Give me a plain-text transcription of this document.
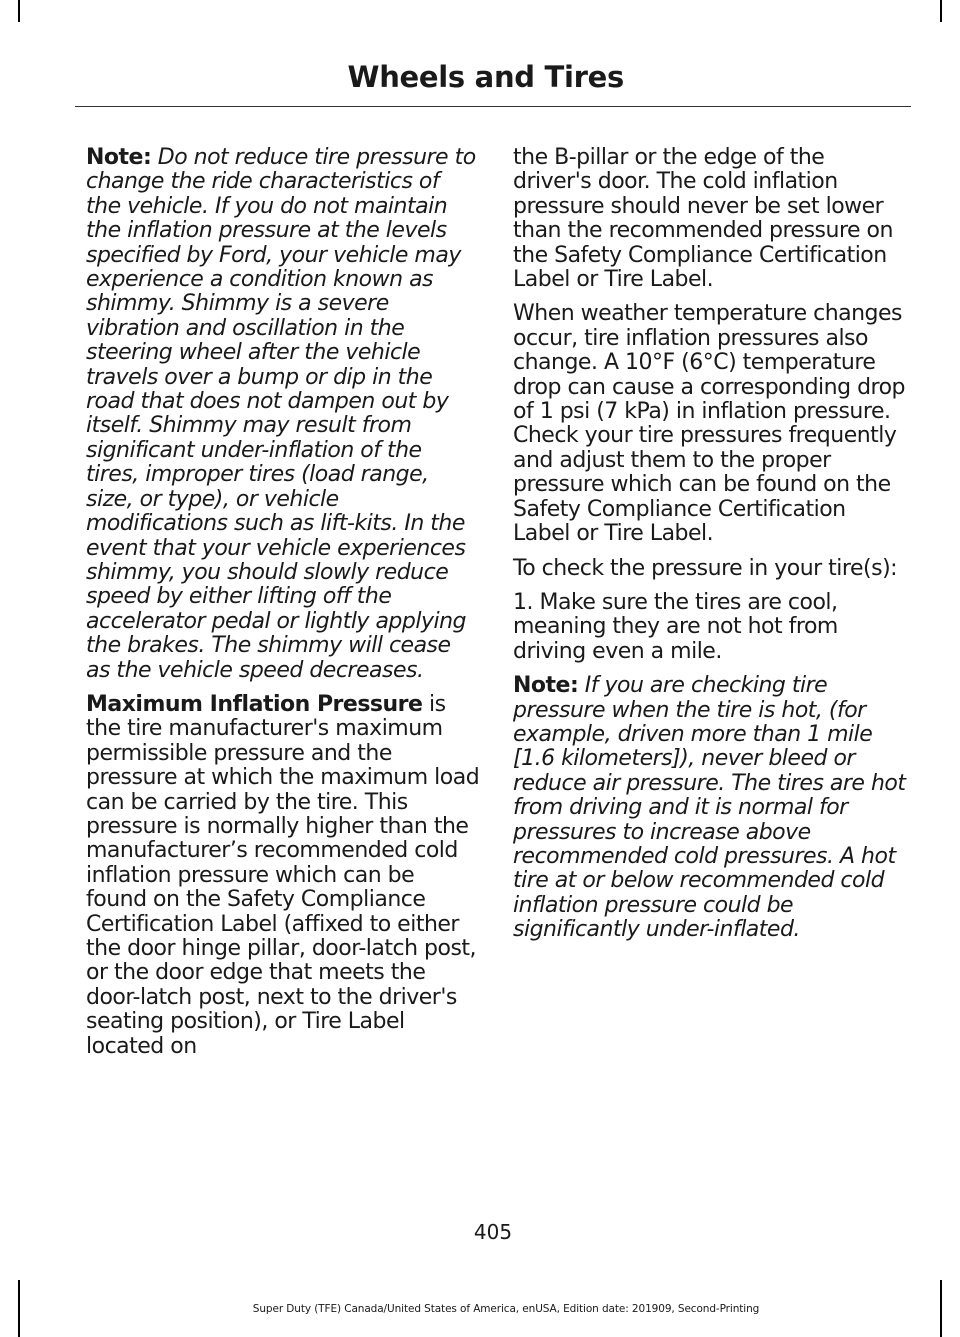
Wheels and Tires

Note: Do not reduce tire pressure to change the ride characteristics of the vehicle. If you do not maintain the inflation pressure at the levels specified by Ford, your vehicle may experience a condition known as shimmy. Shimmy is a severe vibration and oscillation in the steering wheel after the vehicle travels over a bump or dip in the road that does not dampen out by itself. Shimmy may result from significant under-inflation of the tires, improper tires (load range, size, or type), or vehicle modifications such as lift-kits. In the event that your vehicle experiences shimmy, you should slowly reduce speed by either lifting off the accelerator pedal or lightly applying the brakes. The shimmy will cease as the vehicle speed decreases.

Maximum Inflation Pressure is the tire manufacturer's maximum permissible pressure and the pressure at which the maximum load can be carried by the tire. This pressure is normally higher than the manufacturer’s recommended cold inflation pressure which can be found on the Safety Compliance Certification Label (affixed to either the door hinge pillar, door-latch post, or the door edge that meets the door-latch post, next to the driver's seating position), or Tire Label located on

the B-pillar or the edge of the driver's door. The cold inflation pressure should never be set lower than the recommended pressure on the Safety Compliance Certification Label or Tire Label.

When weather temperature changes occur, tire inflation pressures also change. A 10°F (6°C) temperature drop can cause a corresponding drop of 1 psi (7 kPa) in inflation pressure. Check your tire pressures frequently and adjust them to the proper pressure which can be found on the Safety Compliance Certification Label or Tire Label.

To check the pressure in your tire(s):

1. Make sure the tires are cool, meaning they are not hot from driving even a mile.

Note: If you are checking tire pressure when the tire is hot, (for example, driven more than 1 mile [1.6 kilometers]), never bleed or reduce air pressure. The tires are hot from driving and it is normal for pressures to increase above recommended cold pressures. A hot tire at or below recommended cold inflation pressure could be significantly under-inflated.

405
Super Duty (TFE) Canada/United States of America, enUSA, Edition date: 201909, Second-Printing
